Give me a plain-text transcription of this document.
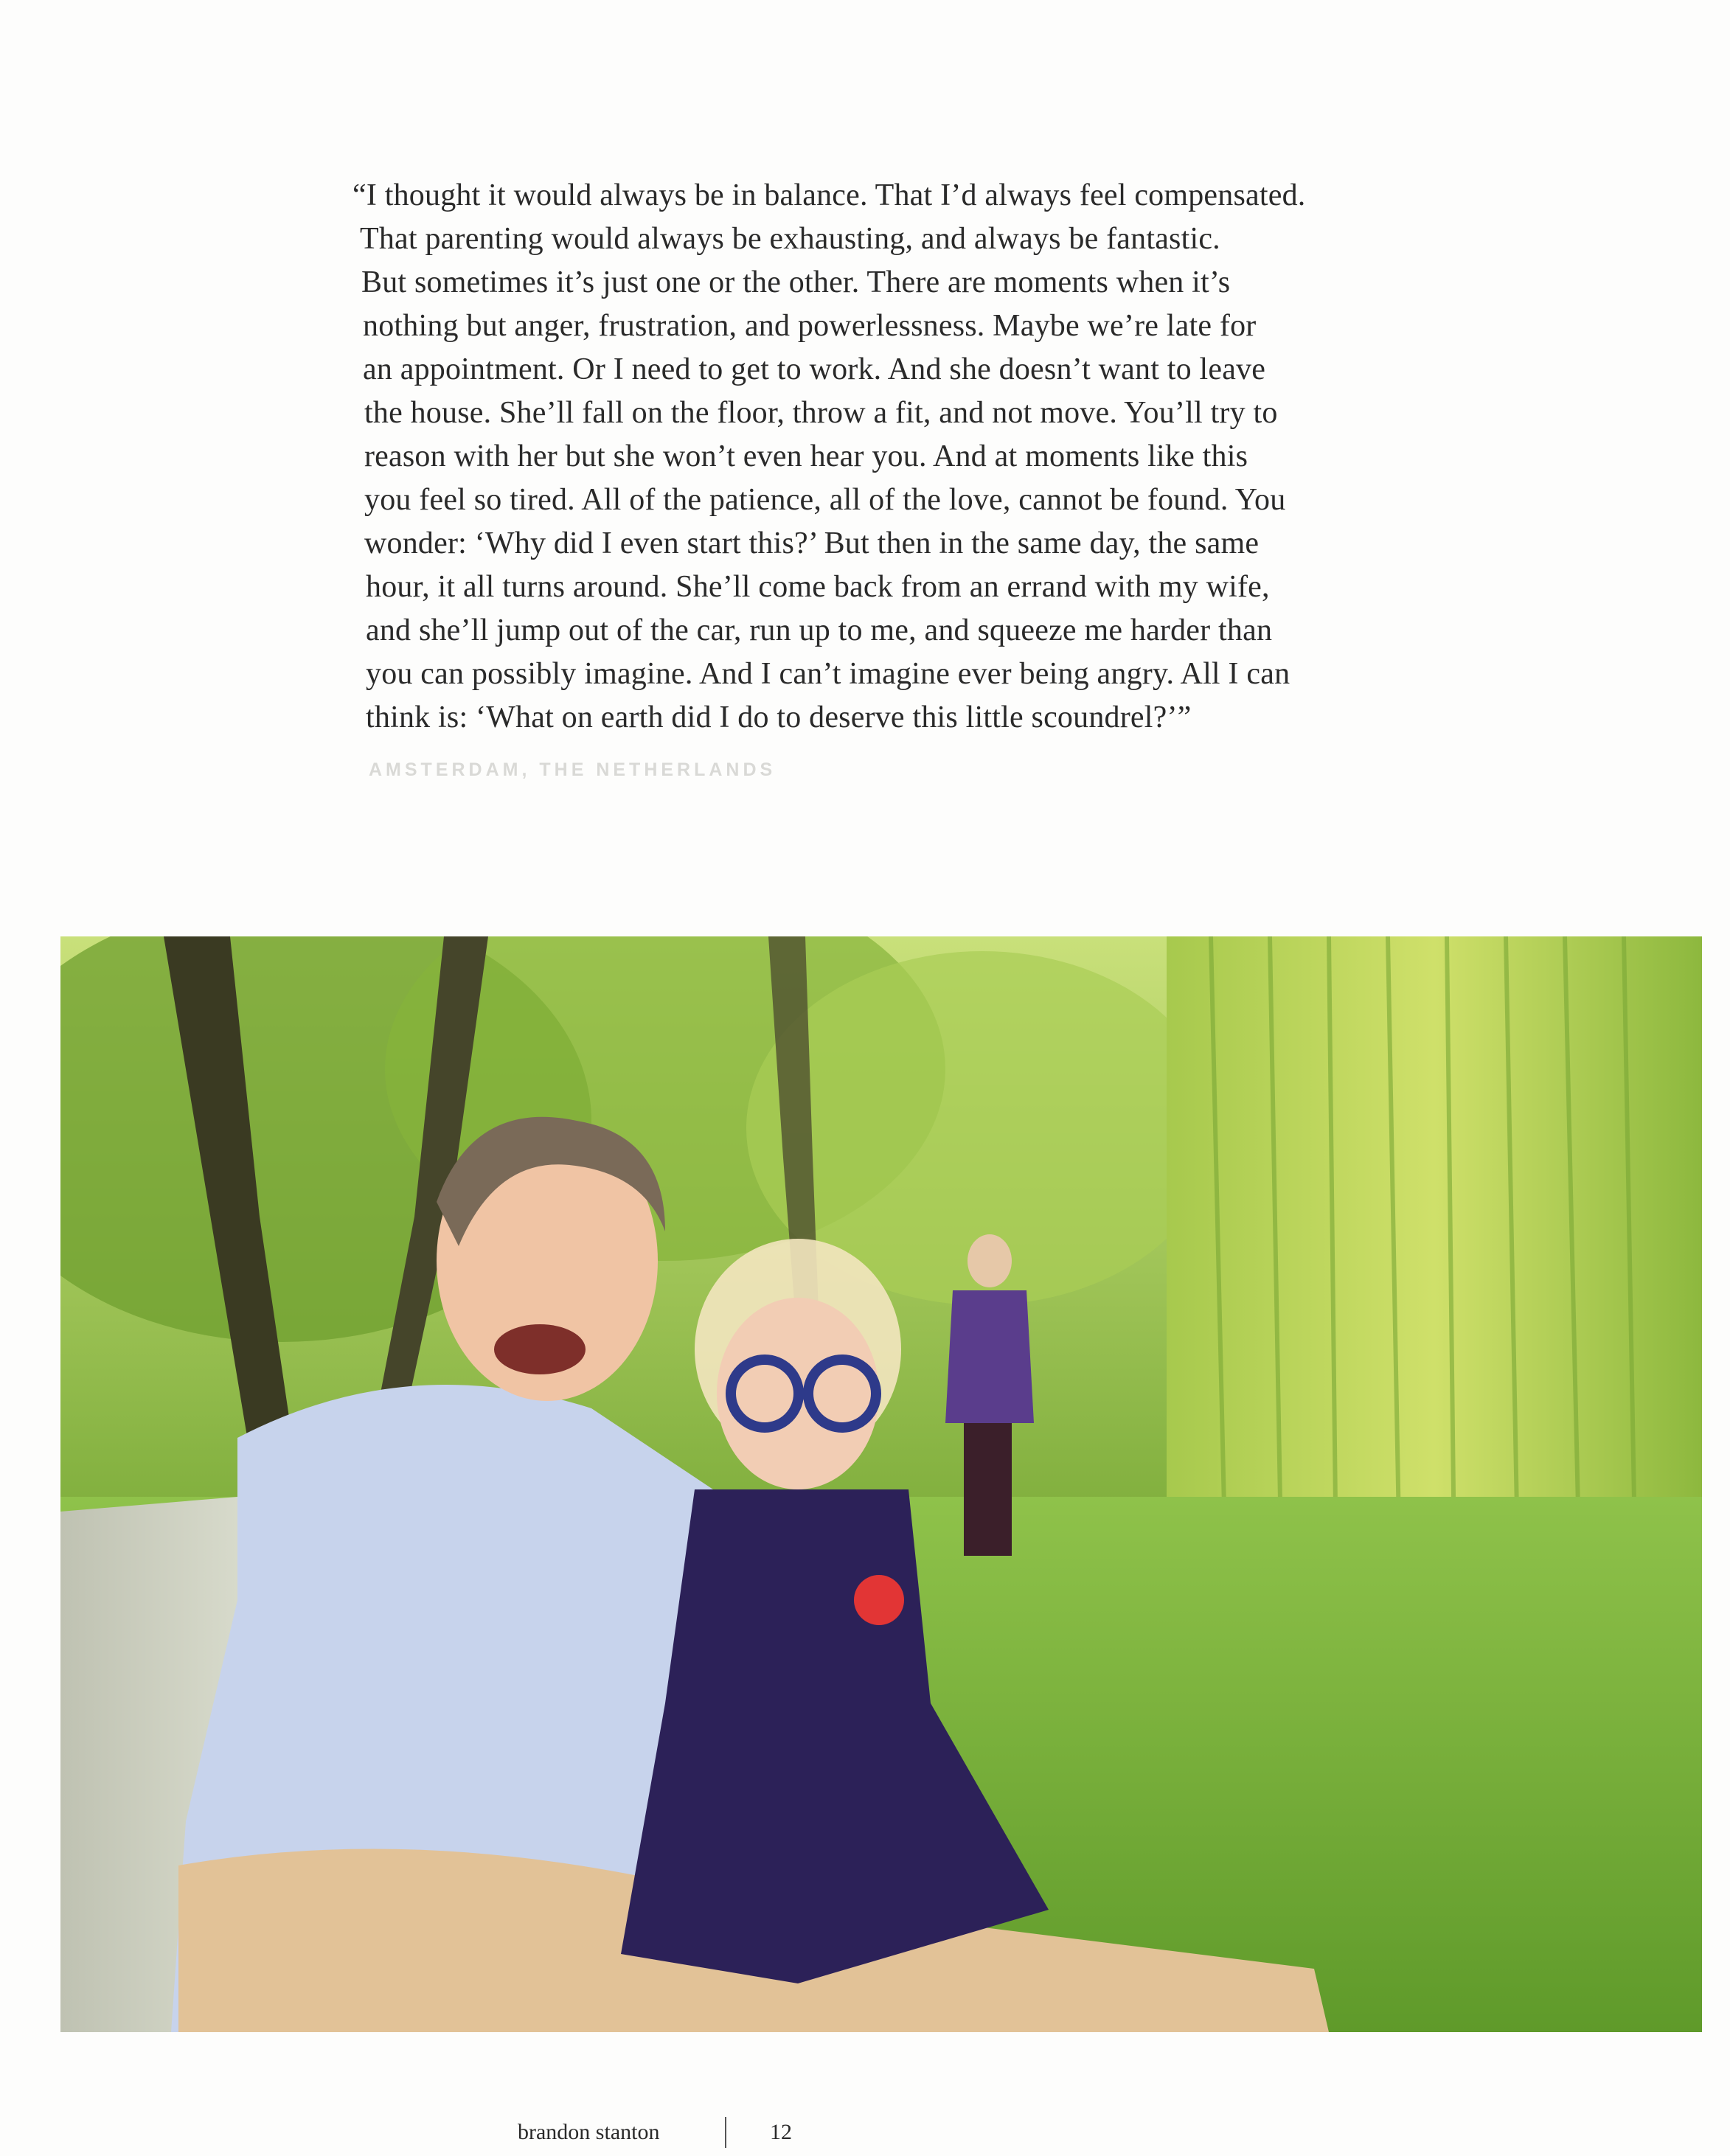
“I thought it would always be in balance. That I’d always feel compensated.
That parenting would always be exhausting, and always be fantastic.
But sometimes it’s just one or the other. There are moments when it’s
nothing but anger, frustration, and powerlessness. Maybe we’re late for
an appointment. Or I need to get to work. And she doesn’t want to leave
the house. She’ll fall on the floor, throw a fit, and not move. You’ll try to
reason with her but she won’t even hear you. And at moments like this
you feel so tired. All of the patience, all of the love, cannot be found. You
wonder: ‘Why did I even start this?’ But then in the same day, the same
hour, it all turns around. She’ll come back from an errand with my wife,
and she’ll jump out of the car, run up to me, and squeeze me harder than
you can possibly imagine. And I can’t imagine ever being angry. All I can
think is: ‘What on earth did I do to deserve this little scoundrel?’”
AMSTERDAM, THE NETHERLANDS
brandon stanton	12
